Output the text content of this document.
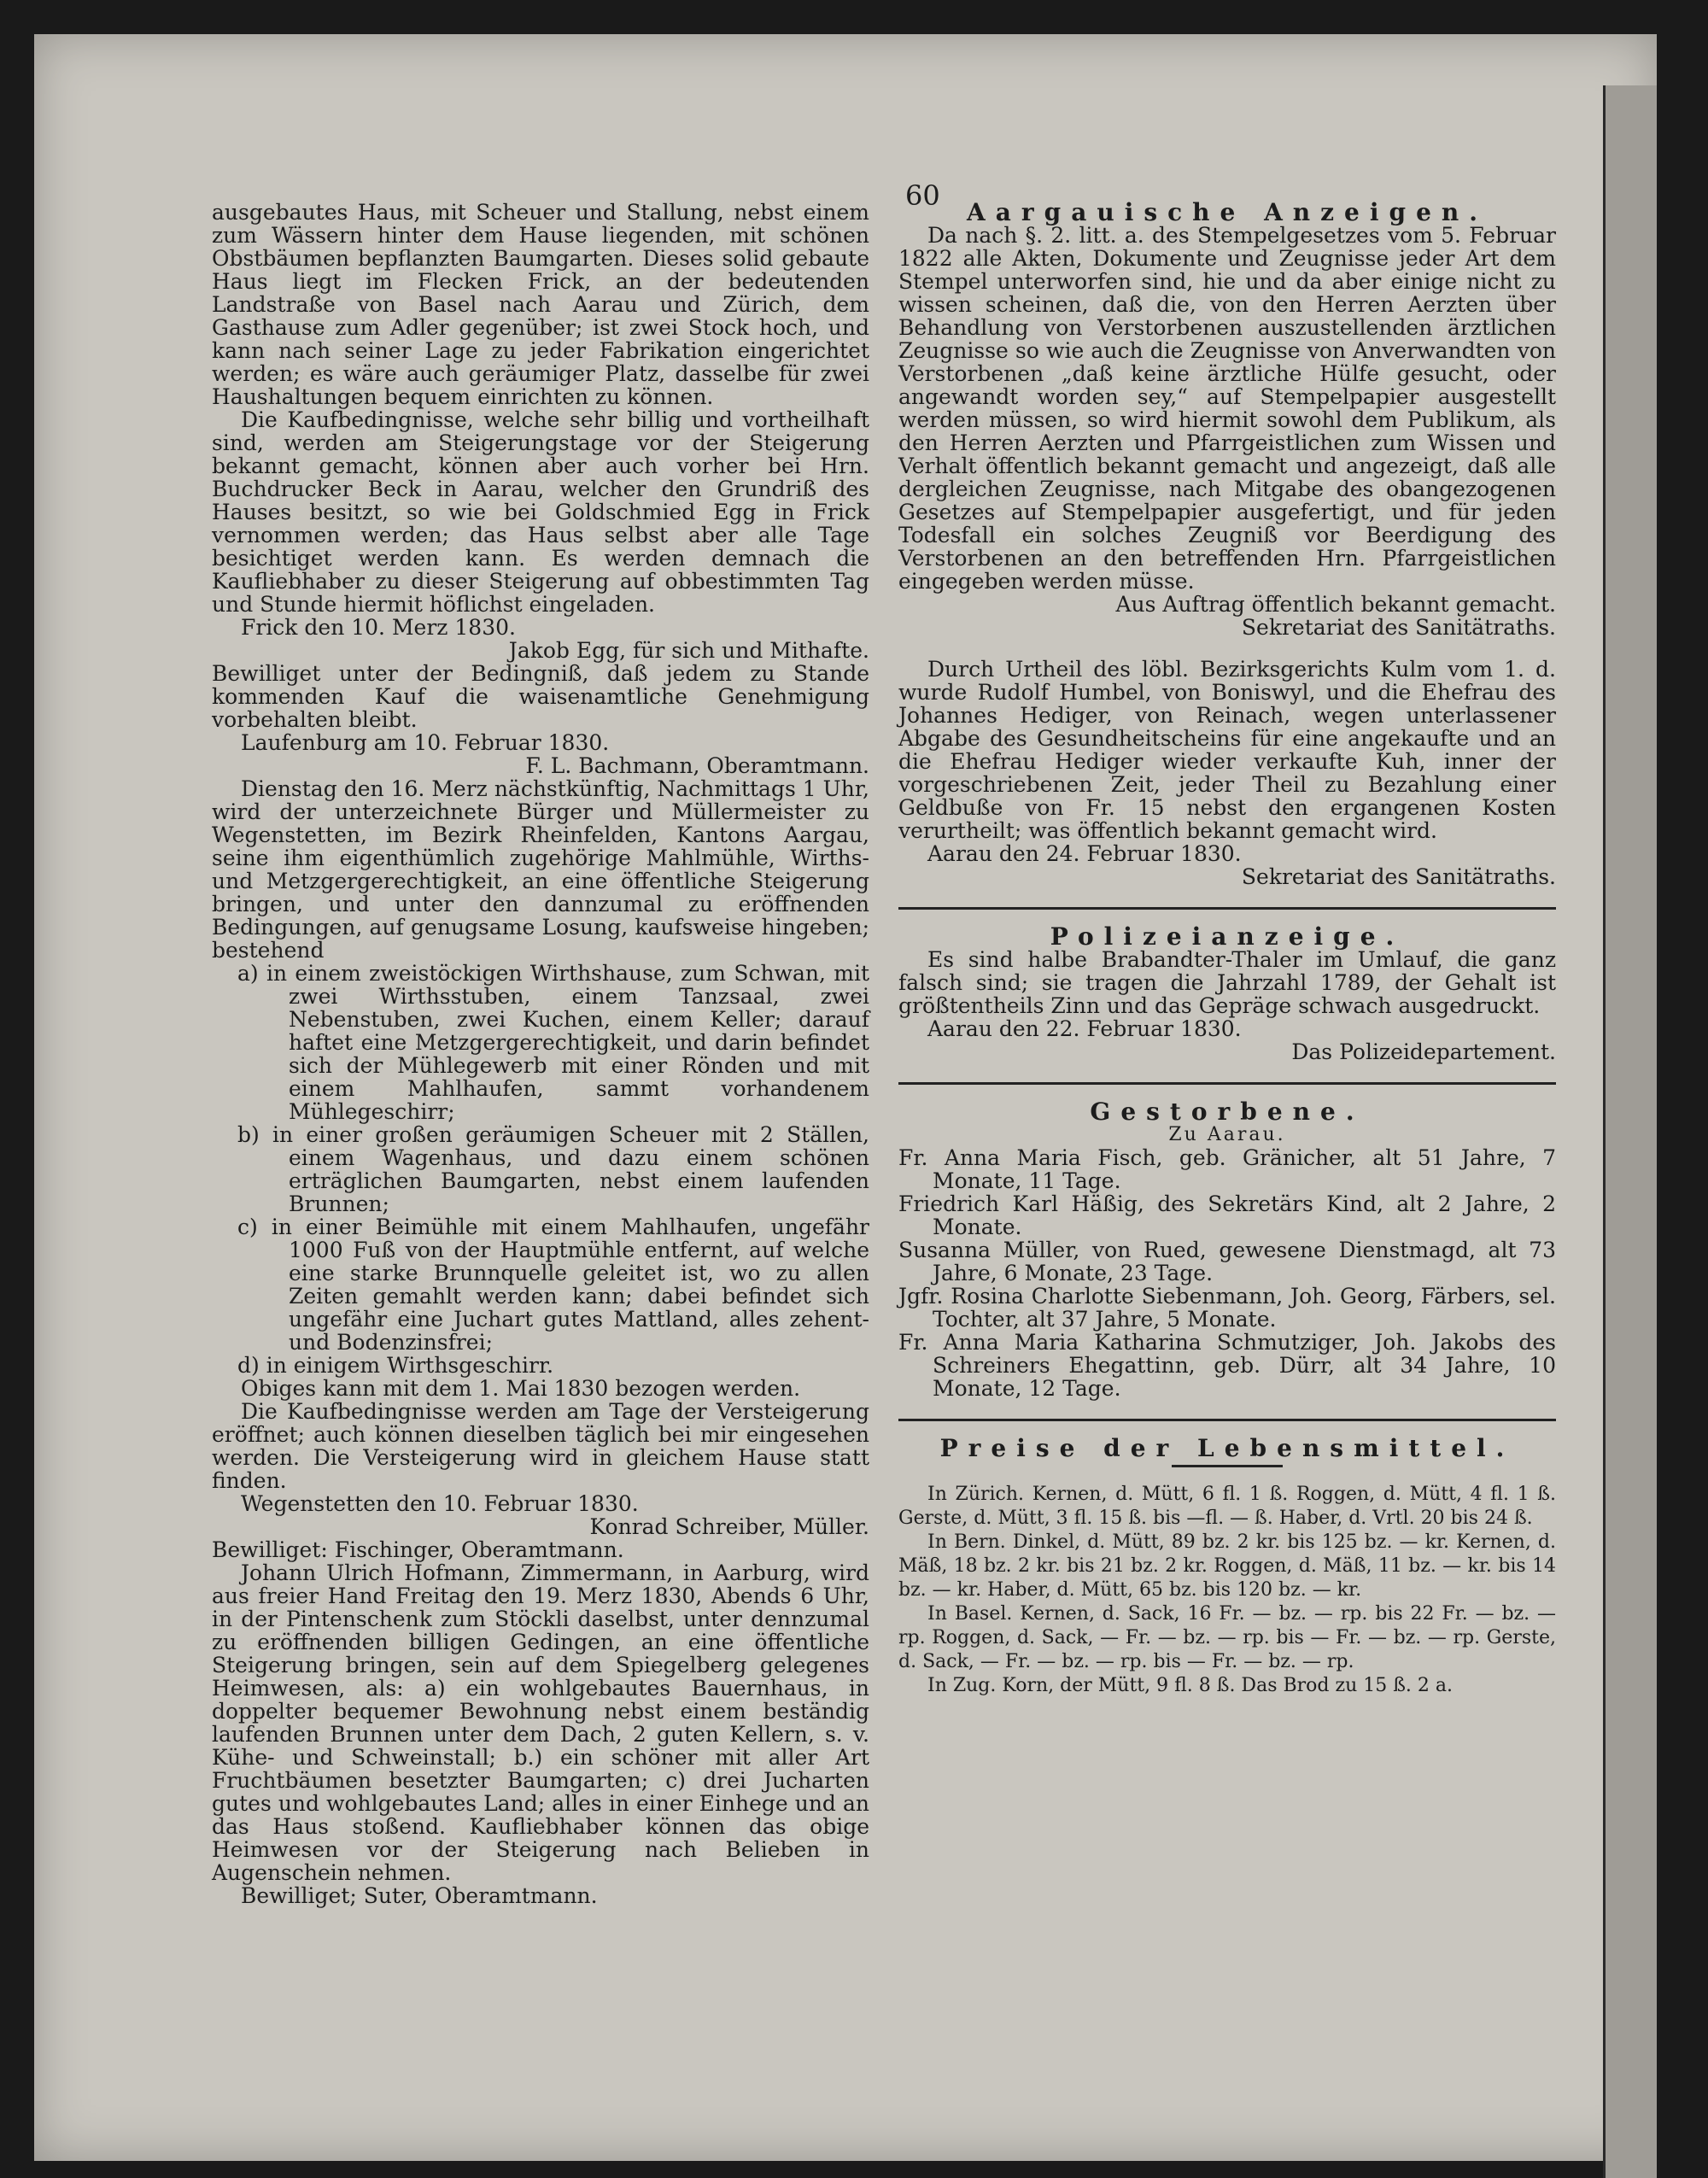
60

ausgebautes Haus, mit Scheuer und Stallung, nebst einem zum Wässern hinter dem Hause liegenden, mit schönen Obstbäumen bepflanzten Baumgarten. Dieses solid gebaute Haus liegt im Flecken Frick, an der bedeutenden Landstraße von Basel nach Aarau und Zürich, dem Gasthause zum Adler gegenüber; ist zwei Stock hoch, und kann nach seiner Lage zu jeder Fabrikation eingerichtet werden; es wäre auch geräumiger Platz, dasselbe für zwei Haushaltungen bequem einrichten zu können.

Die Kaufbedingnisse, welche sehr billig und vortheilhaft sind, werden am Steigerungstage vor der Steigerung bekannt gemacht, können aber auch vorher bei Hrn. Buchdrucker Beck in Aarau, welcher den Grundriß des Hauses besitzt, so wie bei Goldschmied Egg in Frick vernommen werden; das Haus selbst aber alle Tage besichtiget werden kann. Es werden demnach die Kaufliebhaber zu dieser Steigerung auf obbestimmten Tag und Stunde hiermit höflichst eingeladen.

Frick den 10. Merz 1830.

Jakob Egg, für sich und Mithafte.

Bewilliget unter der Bedingniß, daß jedem zu Stande kommenden Kauf die waisenamtliche Genehmigung vorbehalten bleibt.

Laufenburg am 10. Februar 1830.

F. L. Bachmann, Oberamtmann.

Dienstag den 16. Merz nächstkünftig, Nachmittags 1 Uhr, wird der unterzeichnete Bürger und Müllermeister zu Wegenstetten, im Bezirk Rheinfelden, Kantons Aargau, seine ihm eigenthümlich zugehörige Mahlmühle, Wirths- und Metzgergerechtigkeit, an eine öffentliche Steigerung bringen, und unter den dannzumal zu eröffnenden Bedingungen, auf genugsame Losung, kaufsweise hingeben; bestehend

a) in einem zweistöckigen Wirthshause, zum Schwan, mit zwei Wirthsstuben, einem Tanzsaal, zwei Nebenstuben, zwei Kuchen, einem Keller; darauf haftet eine Metzgergerechtigkeit, und darin befindet sich der Mühlegewerb mit einer Rönden und mit einem Mahlhaufen, sammt vorhandenem Mühlegeschirr;

b) in einer großen geräumigen Scheuer mit 2 Ställen, einem Wagenhaus, und dazu einem schönen erträglichen Baumgarten, nebst einem laufenden Brunnen;

c) in einer Beimühle mit einem Mahlhaufen, ungefähr 1000 Fuß von der Hauptmühle entfernt, auf welche eine starke Brunnquelle geleitet ist, wo zu allen Zeiten gemahlt werden kann; dabei befindet sich ungefähr eine Juchart gutes Mattland, alles zehent- und Bodenzinsfrei;

d) in einigem Wirthsgeschirr.

Obiges kann mit dem 1. Mai 1830 bezogen werden.

Die Kaufbedingnisse werden am Tage der Versteigerung eröffnet; auch können dieselben täglich bei mir eingesehen werden. Die Versteigerung wird in gleichem Hause statt finden.

Wegenstetten den 10. Februar 1830.

Konrad Schreiber, Müller.

Bewilliget: Fischinger, Oberamtmann.

Johann Ulrich Hofmann, Zimmermann, in Aarburg, wird aus freier Hand Freitag den 19. Merz 1830, Abends 6 Uhr, in der Pintenschenk zum Stöckli daselbst, unter dennzumal zu eröffnenden billigen Gedingen, an eine öffentliche Steigerung bringen, sein auf dem Spiegelberg gelegenes Heimwesen, als: a) ein wohlgebautes Bauernhaus, in doppelter bequemer Bewohnung nebst einem beständig laufenden Brunnen unter dem Dach, 2 guten Kellern, s. v. Kühe- und Schweinstall; b.) ein schöner mit aller Art Fruchtbäumen besetzter Baumgarten; c) drei Jucharten gutes und wohlgebautes Land; alles in einer Einhege und an das Haus stoßend. Kaufliebhaber können das obige Heimwesen vor der Steigerung nach Belieben in Augenschein nehmen.

Bewilliget; Suter, Oberamtmann.

Aargauische Anzeigen.

Da nach §. 2. litt. a. des Stempelgesetzes vom 5. Februar 1822 alle Akten, Dokumente und Zeugnisse jeder Art dem Stempel unterworfen sind, hie und da aber einige nicht zu wissen scheinen, daß die, von den Herren Aerzten über Behandlung von Verstorbenen auszustellenden ärztlichen Zeugnisse so wie auch die Zeugnisse von Anverwandten von Verstorbenen „daß keine ärztliche Hülfe gesucht, oder angewandt worden sey,“ auf Stempelpapier ausgestellt werden müssen, so wird hiermit sowohl dem Publikum, als den Herren Aerzten und Pfarrgeistlichen zum Wissen und Verhalt öffentlich bekannt gemacht und angezeigt, daß alle dergleichen Zeugnisse, nach Mitgabe des obangezogenen Gesetzes auf Stempelpapier ausgefertigt, und für jeden Todesfall ein solches Zeugniß vor Beerdigung des Verstorbenen an den betreffenden Hrn. Pfarrgeistlichen eingegeben werden müsse.

Aus Auftrag öffentlich bekannt gemacht.

Sekretariat des Sanitätraths.

Durch Urtheil des löbl. Bezirksgerichts Kulm vom 1. d. wurde Rudolf Humbel, von Boniswyl, und die Ehefrau des Johannes Hediger, von Reinach, wegen unterlassener Abgabe des Gesundheitscheins für eine angekaufte und an die Ehefrau Hediger wieder verkaufte Kuh, inner der vorgeschriebenen Zeit, jeder Theil zu Bezahlung einer Geldbuße von Fr. 15 nebst den ergangenen Kosten verurtheilt; was öffentlich bekannt gemacht wird.

Aarau den 24. Februar 1830.

Sekretariat des Sanitätraths.

Polizeianzeige.

Es sind halbe Brabandter-Thaler im Umlauf, die ganz falsch sind; sie tragen die Jahrzahl 1789, der Gehalt ist größtentheils Zinn und das Gepräge schwach ausgedruckt.

Aarau den 22. Februar 1830.

Das Polizeidepartement.

Gestorbene.

Zu Aarau.

Fr. Anna Maria Fisch, geb. Gränicher, alt 51 Jahre, 7 Monate, 11 Tage.

Friedrich Karl Häßig, des Sekretärs Kind, alt 2 Jahre, 2 Monate.

Susanna Müller, von Rued, gewesene Dienstmagd, alt 73 Jahre, 6 Monate, 23 Tage.

Jgfr. Rosina Charlotte Siebenmann, Joh. Georg, Färbers, sel. Tochter, alt 37 Jahre, 5 Monate.

Fr. Anna Maria Katharina Schmutziger, Joh. Jakobs des Schreiners Ehegattinn, geb. Dürr, alt 34 Jahre, 10 Monate, 12 Tage.

Preise der Lebensmittel.

In Zürich. Kernen, d. Mütt, 6 fl. 1 ß. Roggen, d. Mütt, 4 fl. 1 ß. Gerste, d. Mütt, 3 fl. 15 ß. bis —fl. — ß. Haber, d. Vrtl. 20 bis 24 ß.

In Bern. Dinkel, d. Mütt, 89 bz. 2 kr. bis 125 bz. — kr. Kernen, d. Mäß, 18 bz. 2 kr. bis 21 bz. 2 kr. Roggen, d. Mäß, 11 bz. — kr. bis 14 bz. — kr. Haber, d. Mütt, 65 bz. bis 120 bz. — kr.

In Basel. Kernen, d. Sack, 16 Fr. — bz. — rp. bis 22 Fr. — bz. — rp. Roggen, d. Sack, — Fr. — bz. — rp. bis — Fr. — bz. — rp. Gerste, d. Sack, — Fr. — bz. — rp. bis — Fr. — bz. — rp.

In Zug. Korn, der Mütt, 9 fl. 8 ß. Das Brod zu 15 ß. 2 a.
